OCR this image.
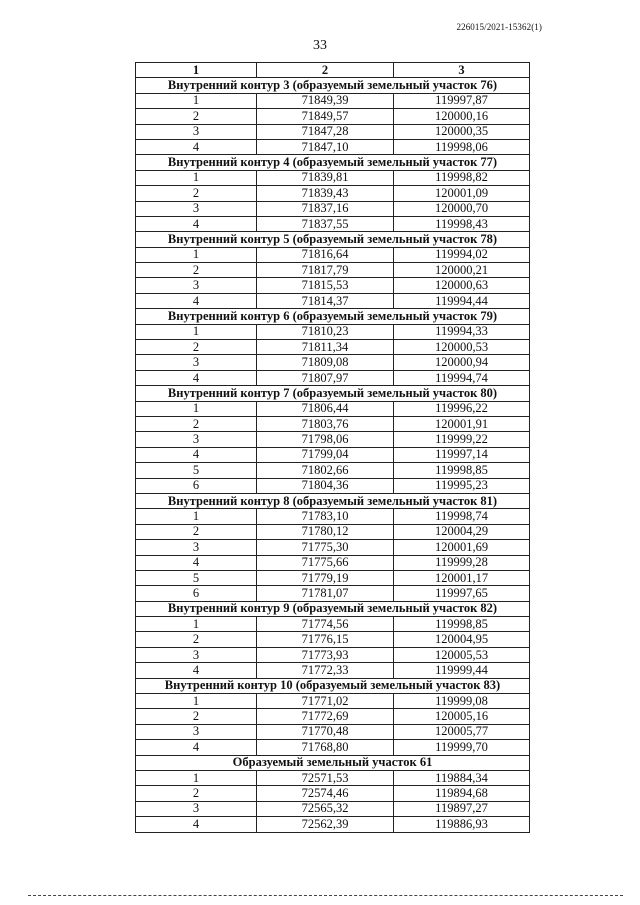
226015/2021-15362(1)
33
1	2	3
Внутренний контур 3 (образуемый земельный участок 76)		
1	71849,39	119997,87
2	71849,57	120000,16
3	71847,28	120000,35
4	71847,10	119998,06
Внутренний контур 4 (образуемый земельный участок 77)		
1	71839,81	119998,82
2	71839,43	120001,09
3	71837,16	120000,70
4	71837,55	119998,43
Внутренний контур 5 (образуемый земельный участок 78)		
1	71816,64	119994,02
2	71817,79	120000,21
3	71815,53	120000,63
4	71814,37	119994,44
Внутренний контур 6 (образуемый земельный участок 79)		
1	71810,23	119994,33
2	71811,34	120000,53
3	71809,08	120000,94
4	71807,97	119994,74
Внутренний контур 7 (образуемый земельный участок 80)		
1	71806,44	119996,22
2	71803,76	120001,91
3	71798,06	119999,22
4	71799,04	119997,14
5	71802,66	119998,85
6	71804,36	119995,23
Внутренний контур 8 (образуемый земельный участок 81)		
1	71783,10	119998,74
2	71780,12	120004,29
3	71775,30	120001,69
4	71775,66	119999,28
5	71779,19	120001,17
6	71781,07	119997,65
Внутренний контур 9 (образуемый земельный участок 82)		
1	71774,56	119998,85
2	71776,15	120004,95
3	71773,93	120005,53
4	71772,33	119999,44
Внутренний контур 10 (образуемый земельный участок 83)		
1	71771,02	119999,08
2	71772,69	120005,16
3	71770,48	120005,77
4	71768,80	119999,70
Образуемый земельный участок 61		
1	72571,53	119884,34
2	72574,46	119894,68
3	72565,32	119897,27
4	72562,39	119886,93
